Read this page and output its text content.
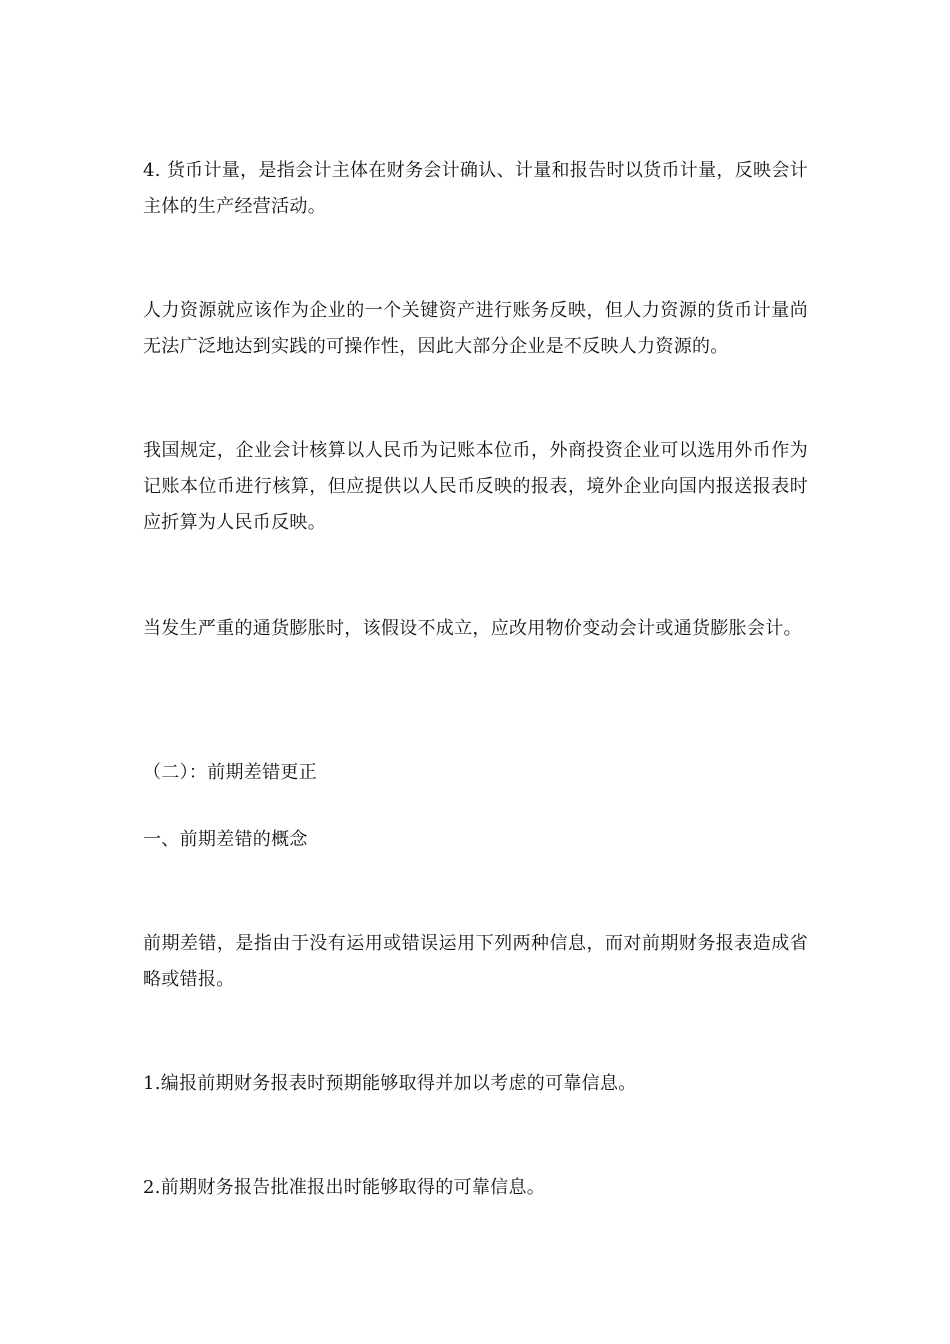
4. 货币计量，是指会计主体在财务会计确认、计量和报告时以货币计量，反映会计主体的生产经营活动。

人力资源就应该作为企业的一个关键资产进行账务反映，但人力资源的货币计量尚无法广泛地达到实践的可操作性，因此大部分企业是不反映人力资源的。

我国规定，企业会计核算以人民币为记账本位币，外商投资企业可以选用外币作为记账本位币进行核算，但应提供以人民币反映的报表，境外企业向国内报送报表时应折算为人民币反映。

当发生严重的通货膨胀时，该假设不成立，应改用物价变动会计或通货膨胀会计。

（二）：前期差错更正

一、前期差错的概念

前期差错，是指由于没有运用或错误运用下列两种信息，而对前期财务报表造成省略或错报。

1.编报前期财务报表时预期能够取得并加以考虑的可靠信息。

2.前期财务报告批准报出时能够取得的可靠信息。
